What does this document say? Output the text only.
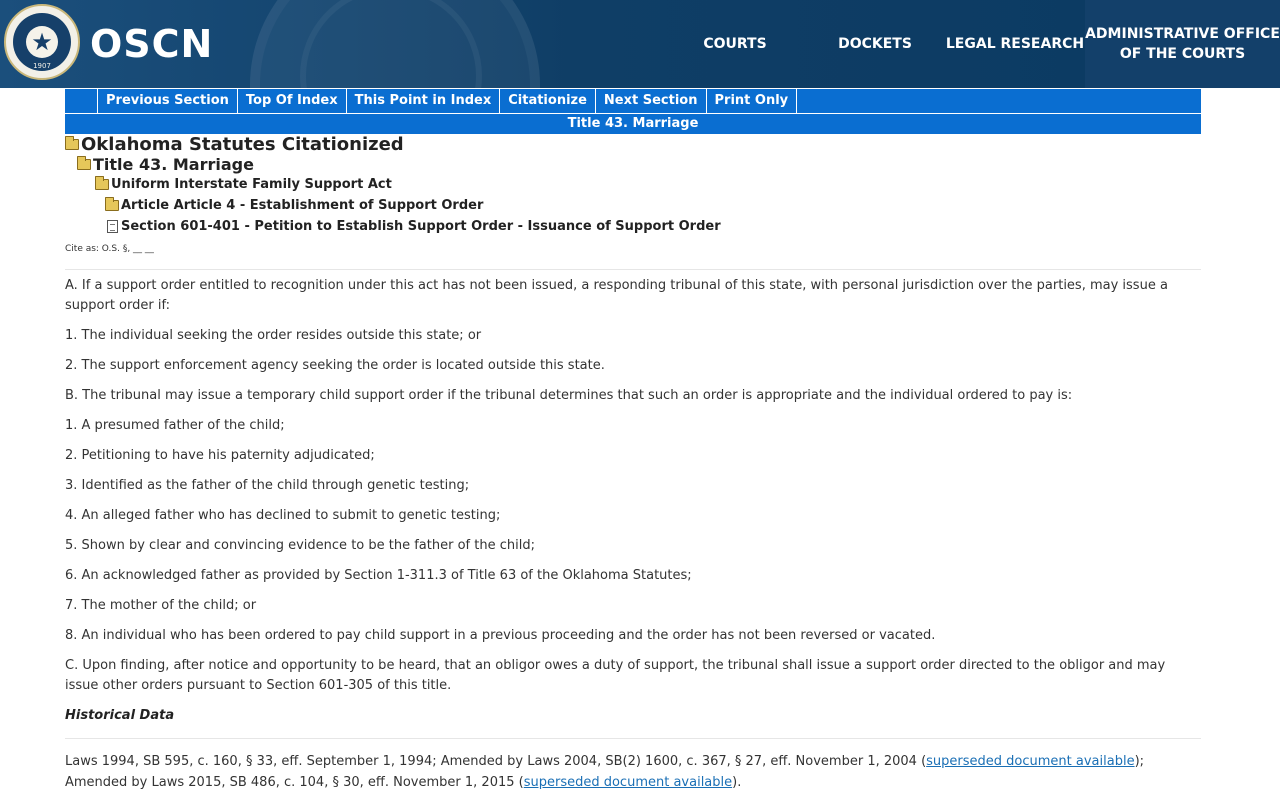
★
1907 OSCN	COURTS	DOCKETS	LEGAL RESEARCH
ADMINISTRATIVE OFFICE OF THE COURTS
Previous Section	Top Of Index	This Point in Index	Citationize	Next Section	Print Only
Title 43. Marriage
Oklahoma Statutes Citationized
Title 43. Marriage
Uniform Interstate Family Support Act
Article Article 4 - Establishment of Support Order
Section 601-401 - Petition to Establish Support Order - Issuance of Support Order
Cite as: O.S. §, __ __

A. If a support order entitled to recognition under this act has not been issued, a responding tribunal of this state, with personal jurisdiction over the parties, may issue a support order if:

1. The individual seeking the order resides outside this state; or

2. The support enforcement agency seeking the order is located outside this state.

B. The tribunal may issue a temporary child support order if the tribunal determines that such an order is appropriate and the individual ordered to pay is:

1. A presumed father of the child;

2. Petitioning to have his paternity adjudicated;

3. Identified as the father of the child through genetic testing;

4. An alleged father who has declined to submit to genetic testing;

5. Shown by clear and convincing evidence to be the father of the child;

6. An acknowledged father as provided by Section 1-311.3 of Title 63 of the Oklahoma Statutes;

7. The mother of the child; or

8. An individual who has been ordered to pay child support in a previous proceeding and the order has not been reversed or vacated.

C. Upon finding, after notice and opportunity to be heard, that an obligor owes a duty of support, the tribunal shall issue a support order directed to the obligor and may issue other orders pursuant to Section 601-305 of this title.

Historical Data
Laws 1994, SB 595, c. 160, § 33, eff. September 1, 1994; Amended by Laws 2004, SB(2) 1600, c. 367, § 27, eff. November 1, 2004 (superseded document available); Amended by Laws 2015, SB 486, c. 104, § 30, eff. November 1, 2015 (superseded document available).
